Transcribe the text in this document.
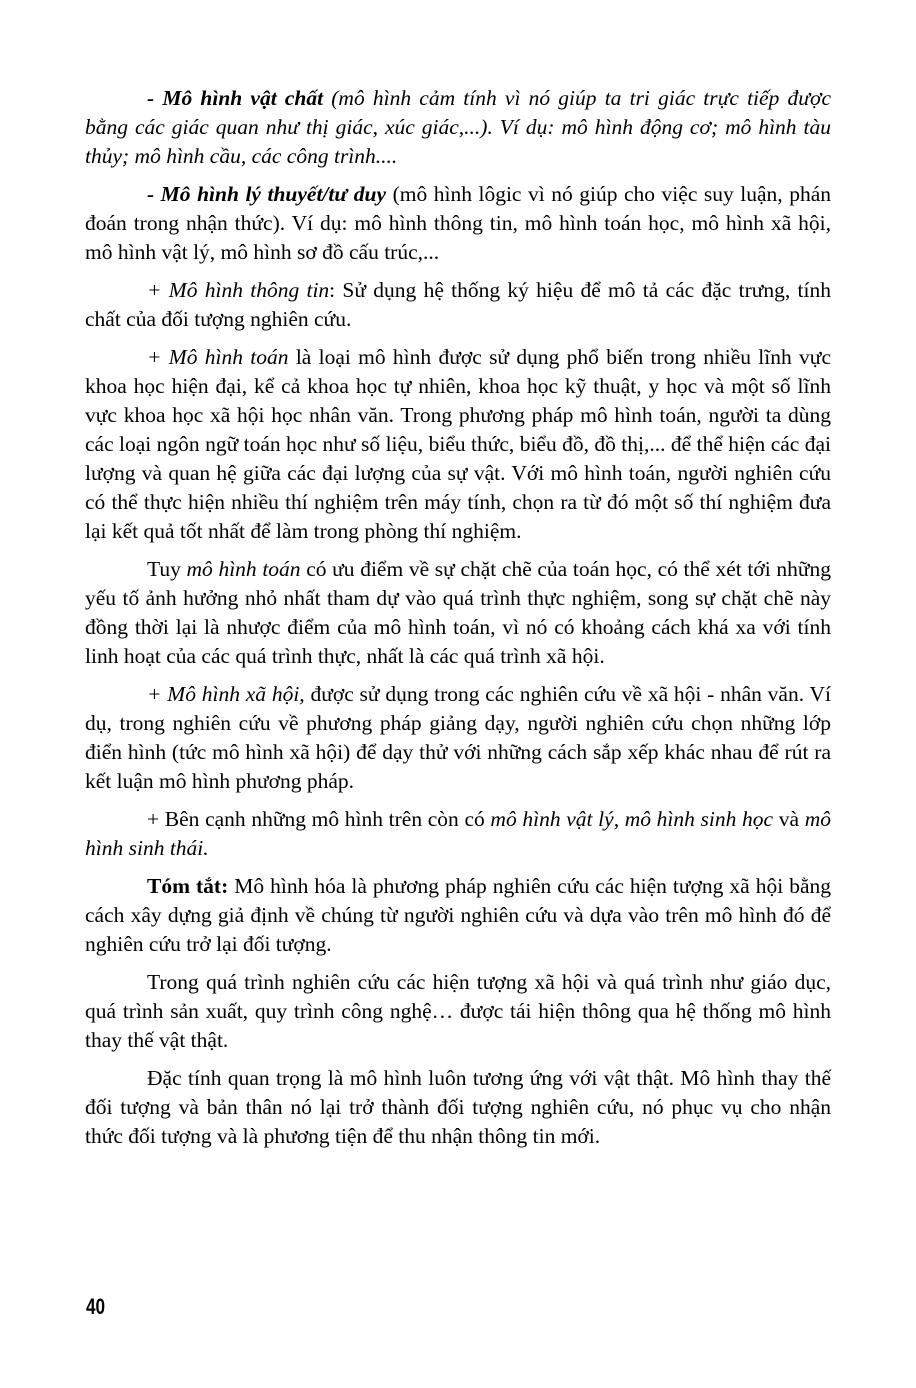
- Mô hình vật chất (mô hình cảm tính vì nó giúp ta tri giác trực tiếp được bằng các giác quan như thị giác, xúc giác,...). Ví dụ: mô hình động cơ; mô hình tàu thủy; mô hình cầu, các công trình....

- Mô hình lý thuyết/tư duy (mô hình lôgic vì nó giúp cho việc suy luận, phán đoán trong nhận thức). Ví dụ: mô hình thông tin, mô hình toán học, mô hình xã hội, mô hình vật lý, mô hình sơ đồ cấu trúc,...

+ Mô hình thông tin: Sử dụng hệ thống ký hiệu để mô tả các đặc trưng, tính chất của đối tượng nghiên cứu.

+ Mô hình toán là loại mô hình được sử dụng phổ biến trong nhiều lĩnh vực khoa học hiện đại, kể cả khoa học tự nhiên, khoa học kỹ thuật, y học và một số lĩnh vực khoa học xã hội học nhân văn. Trong phương pháp mô hình toán, người ta dùng các loại ngôn ngữ toán học như số liệu, biểu thức, biểu đồ, đồ thị,... để thể hiện các đại lượng và quan hệ giữa các đại lượng của sự vật. Với mô hình toán, người nghiên cứu có thể thực hiện nhiều thí nghiệm trên máy tính, chọn ra từ đó một số thí nghiệm đưa lại kết quả tốt nhất để làm trong phòng thí nghiệm.

Tuy mô hình toán có ưu điểm về sự chặt chẽ của toán học, có thể xét tới những yếu tố ảnh hưởng nhỏ nhất tham dự vào quá trình thực nghiệm, song sự chặt chẽ này đồng thời lại là nhược điểm của mô hình toán, vì nó có khoảng cách khá xa với tính linh hoạt của các quá trình thực, nhất là các quá trình xã hội.

+ Mô hình xã hội, được sử dụng trong các nghiên cứu về xã hội - nhân văn. Ví dụ, trong nghiên cứu về phương pháp giảng dạy, người nghiên cứu chọn những lớp điển hình (tức mô hình xã hội) để dạy thử với những cách sắp xếp khác nhau để rút ra kết luận mô hình phương pháp.

+ Bên cạnh những mô hình trên còn có mô hình vật lý, mô hình sinh học và mô hình sinh thái.

Tóm tắt: Mô hình hóa là phương pháp nghiên cứu các hiện tượng xã hội bằng cách xây dựng giả định về chúng từ người nghiên cứu và dựa vào trên mô hình đó để nghiên cứu trở lại đối tượng.

Trong quá trình nghiên cứu các hiện tượng xã hội và quá trình như giáo dục, quá trình sản xuất, quy trình công nghệ… được tái hiện thông qua hệ thống mô hình thay thế vật thật.

Đặc tính quan trọng là mô hình luôn tương ứng với vật thật. Mô hình thay thế đối tượng và bản thân nó lại trở thành đối tượng nghiên cứu, nó phục vụ cho nhận thức đối tượng và là phương tiện để thu nhận thông tin mới.

40
